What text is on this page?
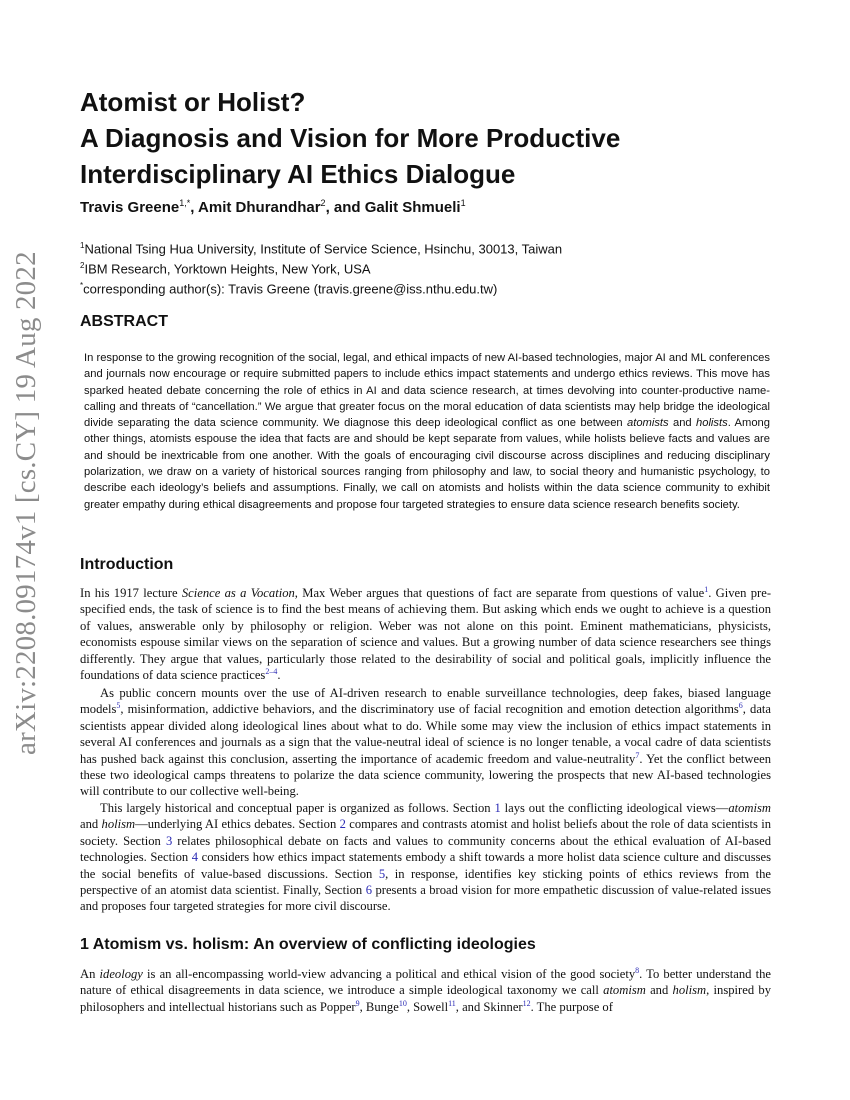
arXiv:2208.09174v1 [cs.CY] 19 Aug 2022
Atomist or Holist?
A Diagnosis and Vision for More Productive
Interdisciplinary AI Ethics Dialogue

Travis Greene$^{1,*}$, Amit Dhurandhar$^2$, and Galit Shmueli$^1$

$^1$National Tsing Hua University, Institute of Service Science, Hsinchu, 30013, Taiwan
$^2$IBM Research, Yorktown Heights, New York, USA
*corresponding author(s): Travis Greene (travis.greene@iss.nthu.edu.tw)
ABSTRACT

In response to the growing recognition of the social, legal, and ethical impacts of new AI-based technologies, major AI and ML conferences and journals now encourage or require submitted papers to include ethics impact statements and undergo ethics reviews. This move has sparked heated debate concerning the role of ethics in AI and data science research, at times devolving into counter-productive name-calling and threats of “cancellation.” We argue that greater focus on the moral education of data scientists may help bridge the ideological divide separating the data science community. We diagnose this deep ideological conflict as one between atomists and holists. Among other things, atomists espouse the idea that facts are and should be kept separate from values, while holists believe facts and values are and should be inextricable from one another. With the goals of encouraging civil discourse across disciplines and reducing disciplinary polarization, we draw on a variety of historical sources ranging from philosophy and law, to social theory and humanistic psychology, to describe each ideology’s beliefs and assumptions. Finally, we call on atomists and holists within the data science community to exhibit greater empathy during ethical disagreements and propose four targeted strategies to ensure data science research benefits society.

Introduction

In his 1917 lecture Science as a Vocation, Max Weber argues that questions of fact are separate from questions of value$^1$. Given pre-specified ends, the task of science is to find the best means of achieving them. But asking which ends we ought to achieve is a question of values, answerable only by philosophy or religion. Weber was not alone on this point. Eminent mathematicians, physicists, economists espouse similar views on the separation of science and values. But a growing number of data science researchers see things differently. They argue that values, particularly those related to the desirability of social and political goals, implicitly influence the foundations of data science practices$^{2-4}$.

As public concern mounts over the use of AI-driven research to enable surveillance technologies, deep fakes, biased language models$^5$, misinformation, addictive behaviors, and the discriminatory use of facial recognition and emotion detection algorithms$^6$, data scientists appear divided along ideological lines about what to do. While some may view the inclusion of ethics impact statements in several AI conferences and journals as a sign that the value-neutral ideal of science is no longer tenable, a vocal cadre of data scientists has pushed back against this conclusion, asserting the importance of academic freedom and value-neutrality$^7$. Yet the conflict between these two ideological camps threatens to polarize the data science community, lowering the prospects that new AI-based technologies will contribute to our collective well-being.

This largely historical and conceptual paper is organized as follows. Section 1 lays out the conflicting ideological views—atomism and holism—underlying AI ethics debates. Section 2 compares and contrasts atomist and holist beliefs about the role of data scientists in society. Section 3 relates philosophical debate on facts and values to community concerns about the ethical evaluation of AI-based technologies. Section 4 considers how ethics impact statements embody a shift towards a more holist data science culture and discusses the social benefits of value-based discussions. Section 5, in response, identifies key sticking points of ethics reviews from the perspective of an atomist data scientist. Finally, Section 6 presents a broad vision for more empathetic discussion of value-related issues and proposes four targeted strategies for more civil discourse.

1 Atomism vs. holism: An overview of conflicting ideologies

An ideology is an all-encompassing world-view advancing a political and ethical vision of the good society$^8$. To better understand the nature of ethical disagreements in data science, we introduce a simple ideological taxonomy we call atomism and holism, inspired by philosophers and intellectual historians such as Popper$^9$, Bunge$^{10}$, Sowell$^{11}$, and Skinner$^{12}$. The purpose of
